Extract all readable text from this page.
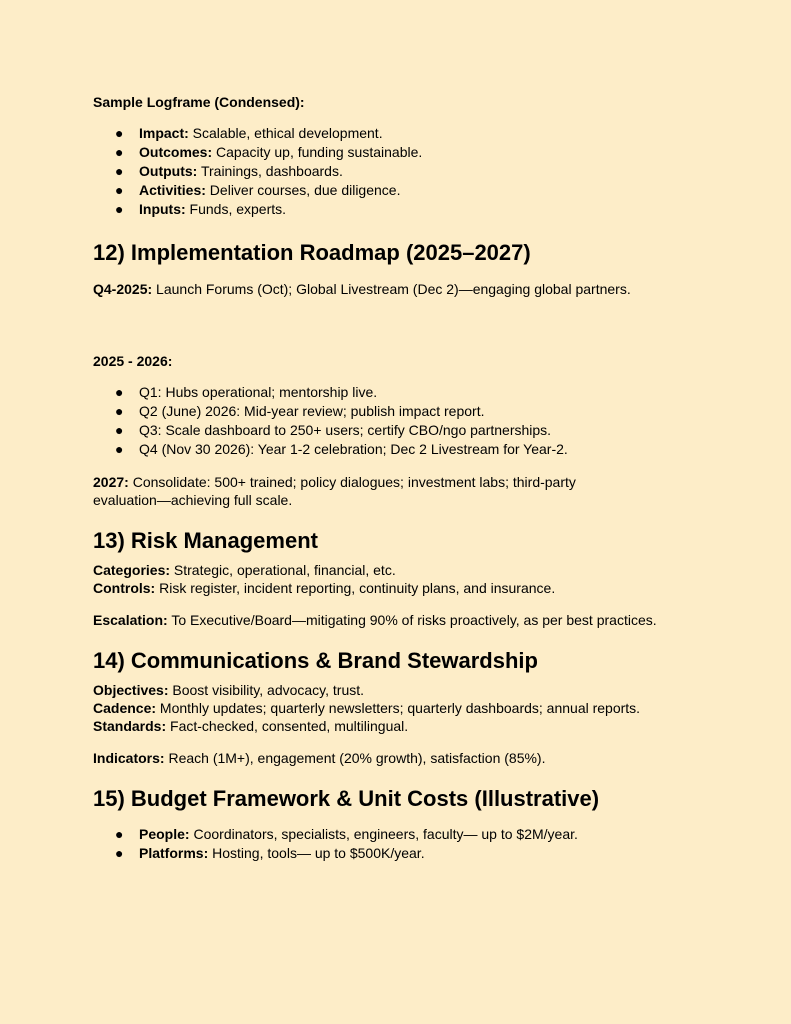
Sample Logframe (Condensed):

● Impact: Scalable, ethical development.
● Outcomes: Capacity up, funding sustainable.
● Outputs: Trainings, dashboards.
● Activities: Deliver courses, due diligence.
● Inputs: Funds, experts.
12) Implementation Roadmap (2025–2027)

Q4-2025: Launch Forums (Oct); Global Livestream (Dec 2)—engaging global partners.

2025 - 2026:

● Q1: Hubs operational; mentorship live.
● Q2 (June) 2026: Mid-year review; publish impact report.
● Q3: Scale dashboard to 250+ users; certify CBO/ngo partnerships.
● Q4 (Nov 30 2026): Year 1-2 celebration; Dec 2 Livestream for Year-2.

2027: Consolidate: 500+ trained; policy dialogues; investment labs; third-party evaluation—achieving full scale.

13) Risk Management

Categories: Strategic, operational, financial, etc.

Controls: Risk register, incident reporting, continuity plans, and insurance.

Escalation: To Executive/Board—mitigating 90% of risks proactively, as per best practices.

14) Communications & Brand Stewardship

Objectives: Boost visibility, advocacy, trust.

Cadence: Monthly updates; quarterly newsletters; quarterly dashboards; annual reports.

Standards: Fact-checked, consented, multilingual.

Indicators: Reach (1M+), engagement (20% growth), satisfaction (85%).

15) Budget Framework & Unit Costs (Illustrative)
● People: Coordinators, specialists, engineers, faculty— up to $2M/year.
● Platforms: Hosting, tools— up to $500K/year.
